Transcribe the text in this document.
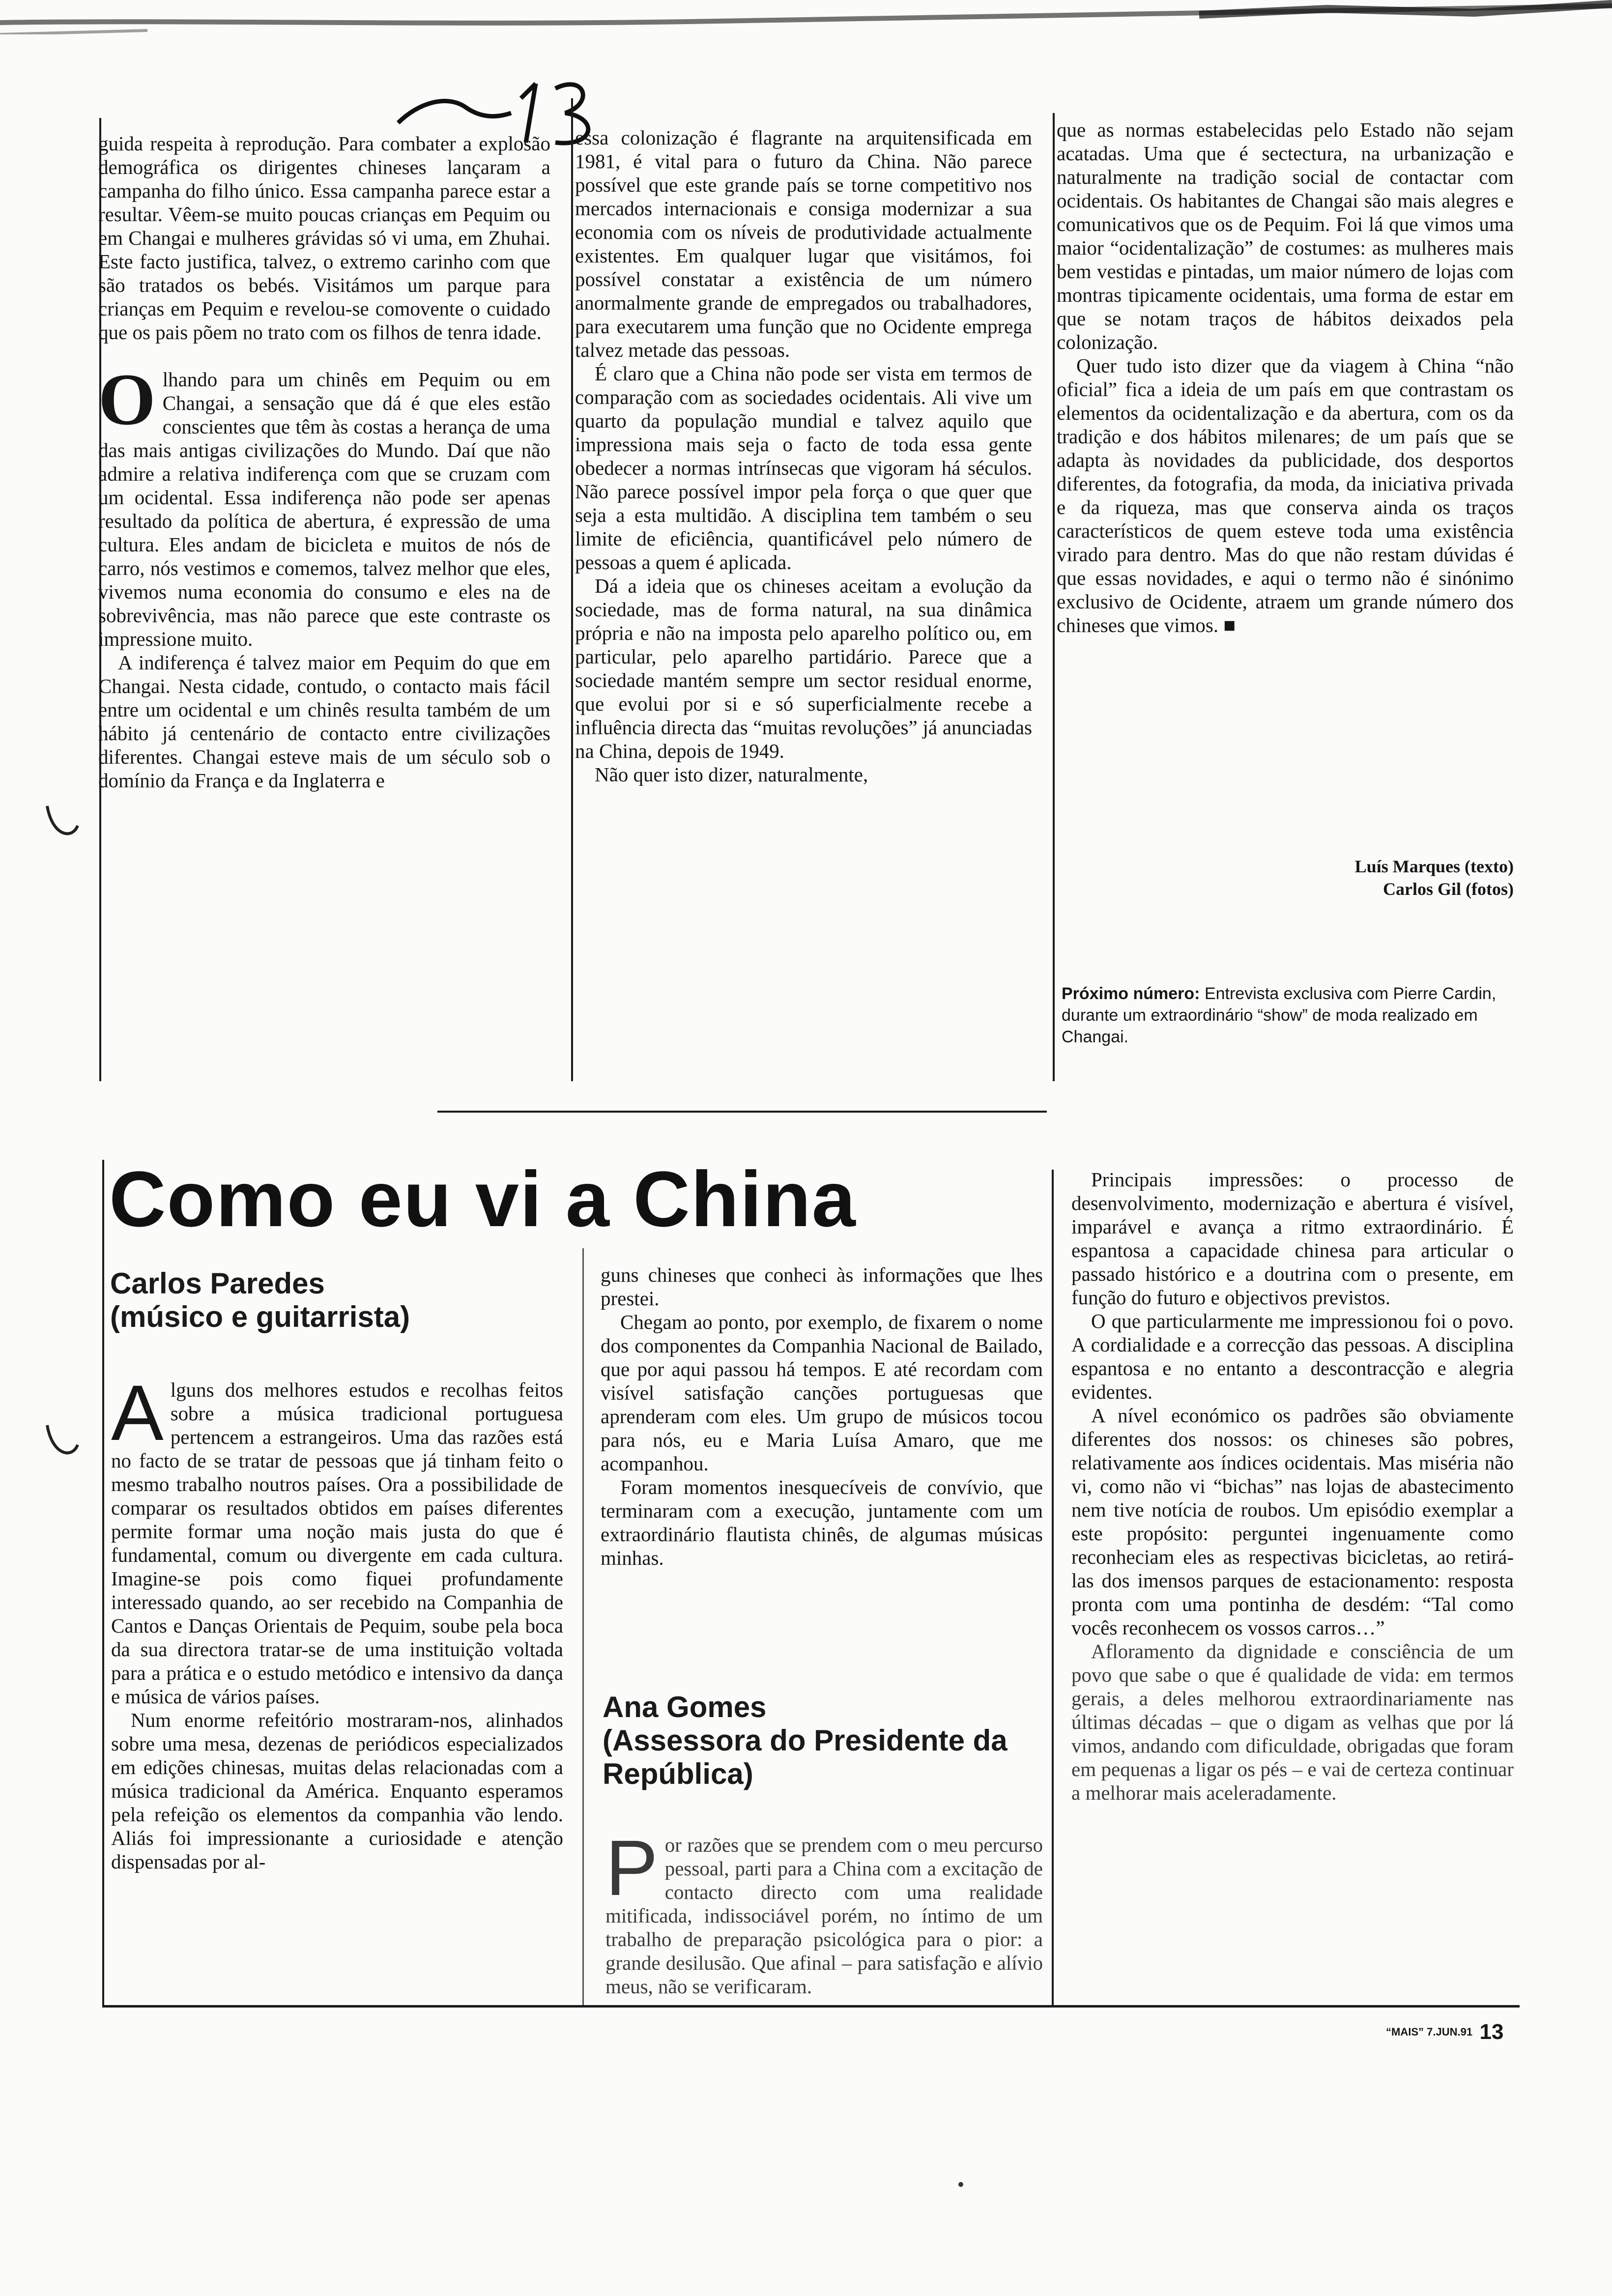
guida respeita à reprodução. Para combater a explosão demográfica os dirigentes chineses lançaram a campanha do filho único. Essa campanha parece estar a resultar. Vêem-se muito poucas crianças em Pequim ou em Changai e mulheres grávidas só vi uma, em Zhuhai. Este facto justifica, talvez, o extremo carinho com que são tratados os bebés. Visitámos um parque para crianças em Pequim e revelou-se comovente o cuidado que os pais põem no trato com os filhos de tenra idade.

O lhando para um chinês em Pequim ou em Changai, a sensação que dá é que eles estão conscientes que têm às costas a herança de uma das mais antigas civilizações do Mundo. Daí que não admire a relativa indiferença com que se cruzam com um ocidental. Essa indiferença não pode ser apenas resultado da política de abertura, é expressão de uma cultura. Eles andam de bicicleta e muitos de nós de carro, nós vestimos e comemos, talvez melhor que eles, vivemos numa economia do consumo e eles na de sobrevivência, mas não parece que este contraste os impressione muito.

A indiferença é talvez maior em Pequim do que em Changai. Nesta cidade, contudo, o contacto mais fácil entre um ocidental e um chinês resulta também de um hábito já centenário de contacto entre civilizações diferentes. Changai esteve mais de um século sob o domínio da França e da Inglaterra e

essa colonização é flagrante na arquitensificada em 1981, é vital para o futuro da China. Não parece possível que este grande país se torne competitivo nos mercados internacionais e consiga modernizar a sua economia com os níveis de produtividade actualmente existentes. Em qualquer lugar que visitámos, foi possível constatar a existência de um número anormalmente grande de empregados ou trabalhadores, para executarem uma função que no Ocidente emprega talvez metade das pessoas.

É claro que a China não pode ser vista em termos de comparação com as sociedades ocidentais. Ali vive um quarto da população mundial e talvez aquilo que impressiona mais seja o facto de toda essa gente obedecer a normas intrínsecas que vigoram há séculos. Não parece possível impor pela força o que quer que seja a esta multidão. A disciplina tem também o seu limite de eficiência, quantificável pelo número de pessoas a quem é aplicada.

Dá a ideia que os chineses aceitam a evolução da sociedade, mas de forma natural, na sua dinâmica própria e não na imposta pelo aparelho político ou, em particular, pelo aparelho partidário. Parece que a sociedade mantém sempre um sector residual enorme, que evolui por si e só superficialmente recebe a influência directa das “muitas revoluções” já anunciadas na China, depois de 1949.

Não quer isto dizer, naturalmente,

que as normas estabelecidas pelo Estado não sejam acatadas. Uma que é sectectura, na urbanização e naturalmente na tradição social de contactar com ocidentais. Os habitantes de Changai são mais alegres e comunicativos que os de Pequim. Foi lá que vimos uma maior “ocidentalização” de costumes: as mulheres mais bem vestidas e pintadas, um maior número de lojas com montras tipicamente ocidentais, uma forma de estar em que se notam traços de hábitos deixados pela colonização.

Quer tudo isto dizer que da viagem à China “não oficial” fica a ideia de um país em que contrastam os elementos da ocidentalização e da abertura, com os da tradição e dos hábitos milenares; de um país que se adapta às novidades da publicidade, dos desportos diferentes, da fotografia, da moda, da iniciativa privada e da riqueza, mas que conserva ainda os traços característicos de quem esteve toda uma existência virado para dentro. Mas do que não restam dúvidas é que essas novidades, e aqui o termo não é sinónimo exclusivo de Ocidente, atraem um grande número dos chineses que vimos. ■

Luís Marques (texto)
Carlos Gil (fotos)
Próximo número: Entrevista exclusiva com Pierre Cardin, durante um extraordinário “show” de moda realizado em Changai.
Como eu vi a China
Carlos Paredes
(músico e guitarrista)

A lguns dos melhores estudos e recolhas feitos sobre a música tradicional portuguesa pertencem a estrangeiros. Uma das razões está no facto de se tratar de pessoas que já tinham feito o mesmo trabalho noutros países. Ora a possibilidade de comparar os resultados obtidos em países diferentes permite formar uma noção mais justa do que é fundamental, comum ou divergente em cada cultura. Imagine-se pois como fiquei profundamente interessado quando, ao ser recebido na Companhia de Cantos e Danças Orientais de Pequim, soube pela boca da sua directora tratar-se de uma instituição voltada para a prática e o estudo metódico e intensivo da dança e música de vários países.

Num enorme refeitório mostraram-nos, alinhados sobre uma mesa, dezenas de periódicos especializados em edições chinesas, muitas delas relacionadas com a música tradicional da América. Enquanto esperamos pela refeição os elementos da companhia vão lendo. Aliás foi impressionante a curiosidade e atenção dispensadas por al-

guns chineses que conheci às informações que lhes prestei.

Chegam ao ponto, por exemplo, de fixarem o nome dos componentes da Companhia Nacional de Bailado, que por aqui passou há tempos. E até recordam com visível satisfação canções portuguesas que aprenderam com eles. Um grupo de músicos tocou para nós, eu e Maria Luísa Amaro, que me acompanhou.

Foram momentos inesquecíveis de convívio, que terminaram com a execução, juntamente com um extraordinário flautista chinês, de algumas músicas minhas.

Ana Gomes
(Assessora do Presidente da República)

P or razões que se prendem com o meu percurso pessoal, parti para a China com a excitação de contacto directo com uma realidade mitificada, indissociável porém, no íntimo de um trabalho de preparação psicológica para o pior: a grande desilusão. Que afinal – para satisfação e alívio meus, não se verificaram.

Principais impressões: o processo de desenvolvimento, modernização e abertura é visível, imparável e avança a ritmo extraordinário. É espantosa a capacidade chinesa para articular o passado histórico e a doutrina com o presente, em função do futuro e objectivos previstos.

O que particularmente me impressionou foi o povo. A cordialidade e a correcção das pessoas. A disciplina espantosa e no entanto a descontracção e alegria evidentes.

A nível económico os padrões são obviamente diferentes dos nossos: os chineses são pobres, relativamente aos índices ocidentais. Mas miséria não vi, como não vi “bichas” nas lojas de abastecimento nem tive notícia de roubos. Um episódio exemplar a este propósito: perguntei ingenuamente como reconheciam eles as respectivas bicicletas, ao retirá-las dos imensos parques de estacionamento: resposta pronta com uma pontinha de desdém: “Tal como vocês reconhecem os vossos carros…”

Afloramento da dignidade e consciência de um povo que sabe o que é qualidade de vida: em termos gerais, a deles melhorou extraordinariamente nas últimas décadas – que o digam as velhas que por lá vimos, andando com dificuldade, obrigadas que foram em pequenas a ligar os pés – e vai de certeza continuar a melhorar mais aceleradamente.

“MAIS” 7.JUN.91 13
